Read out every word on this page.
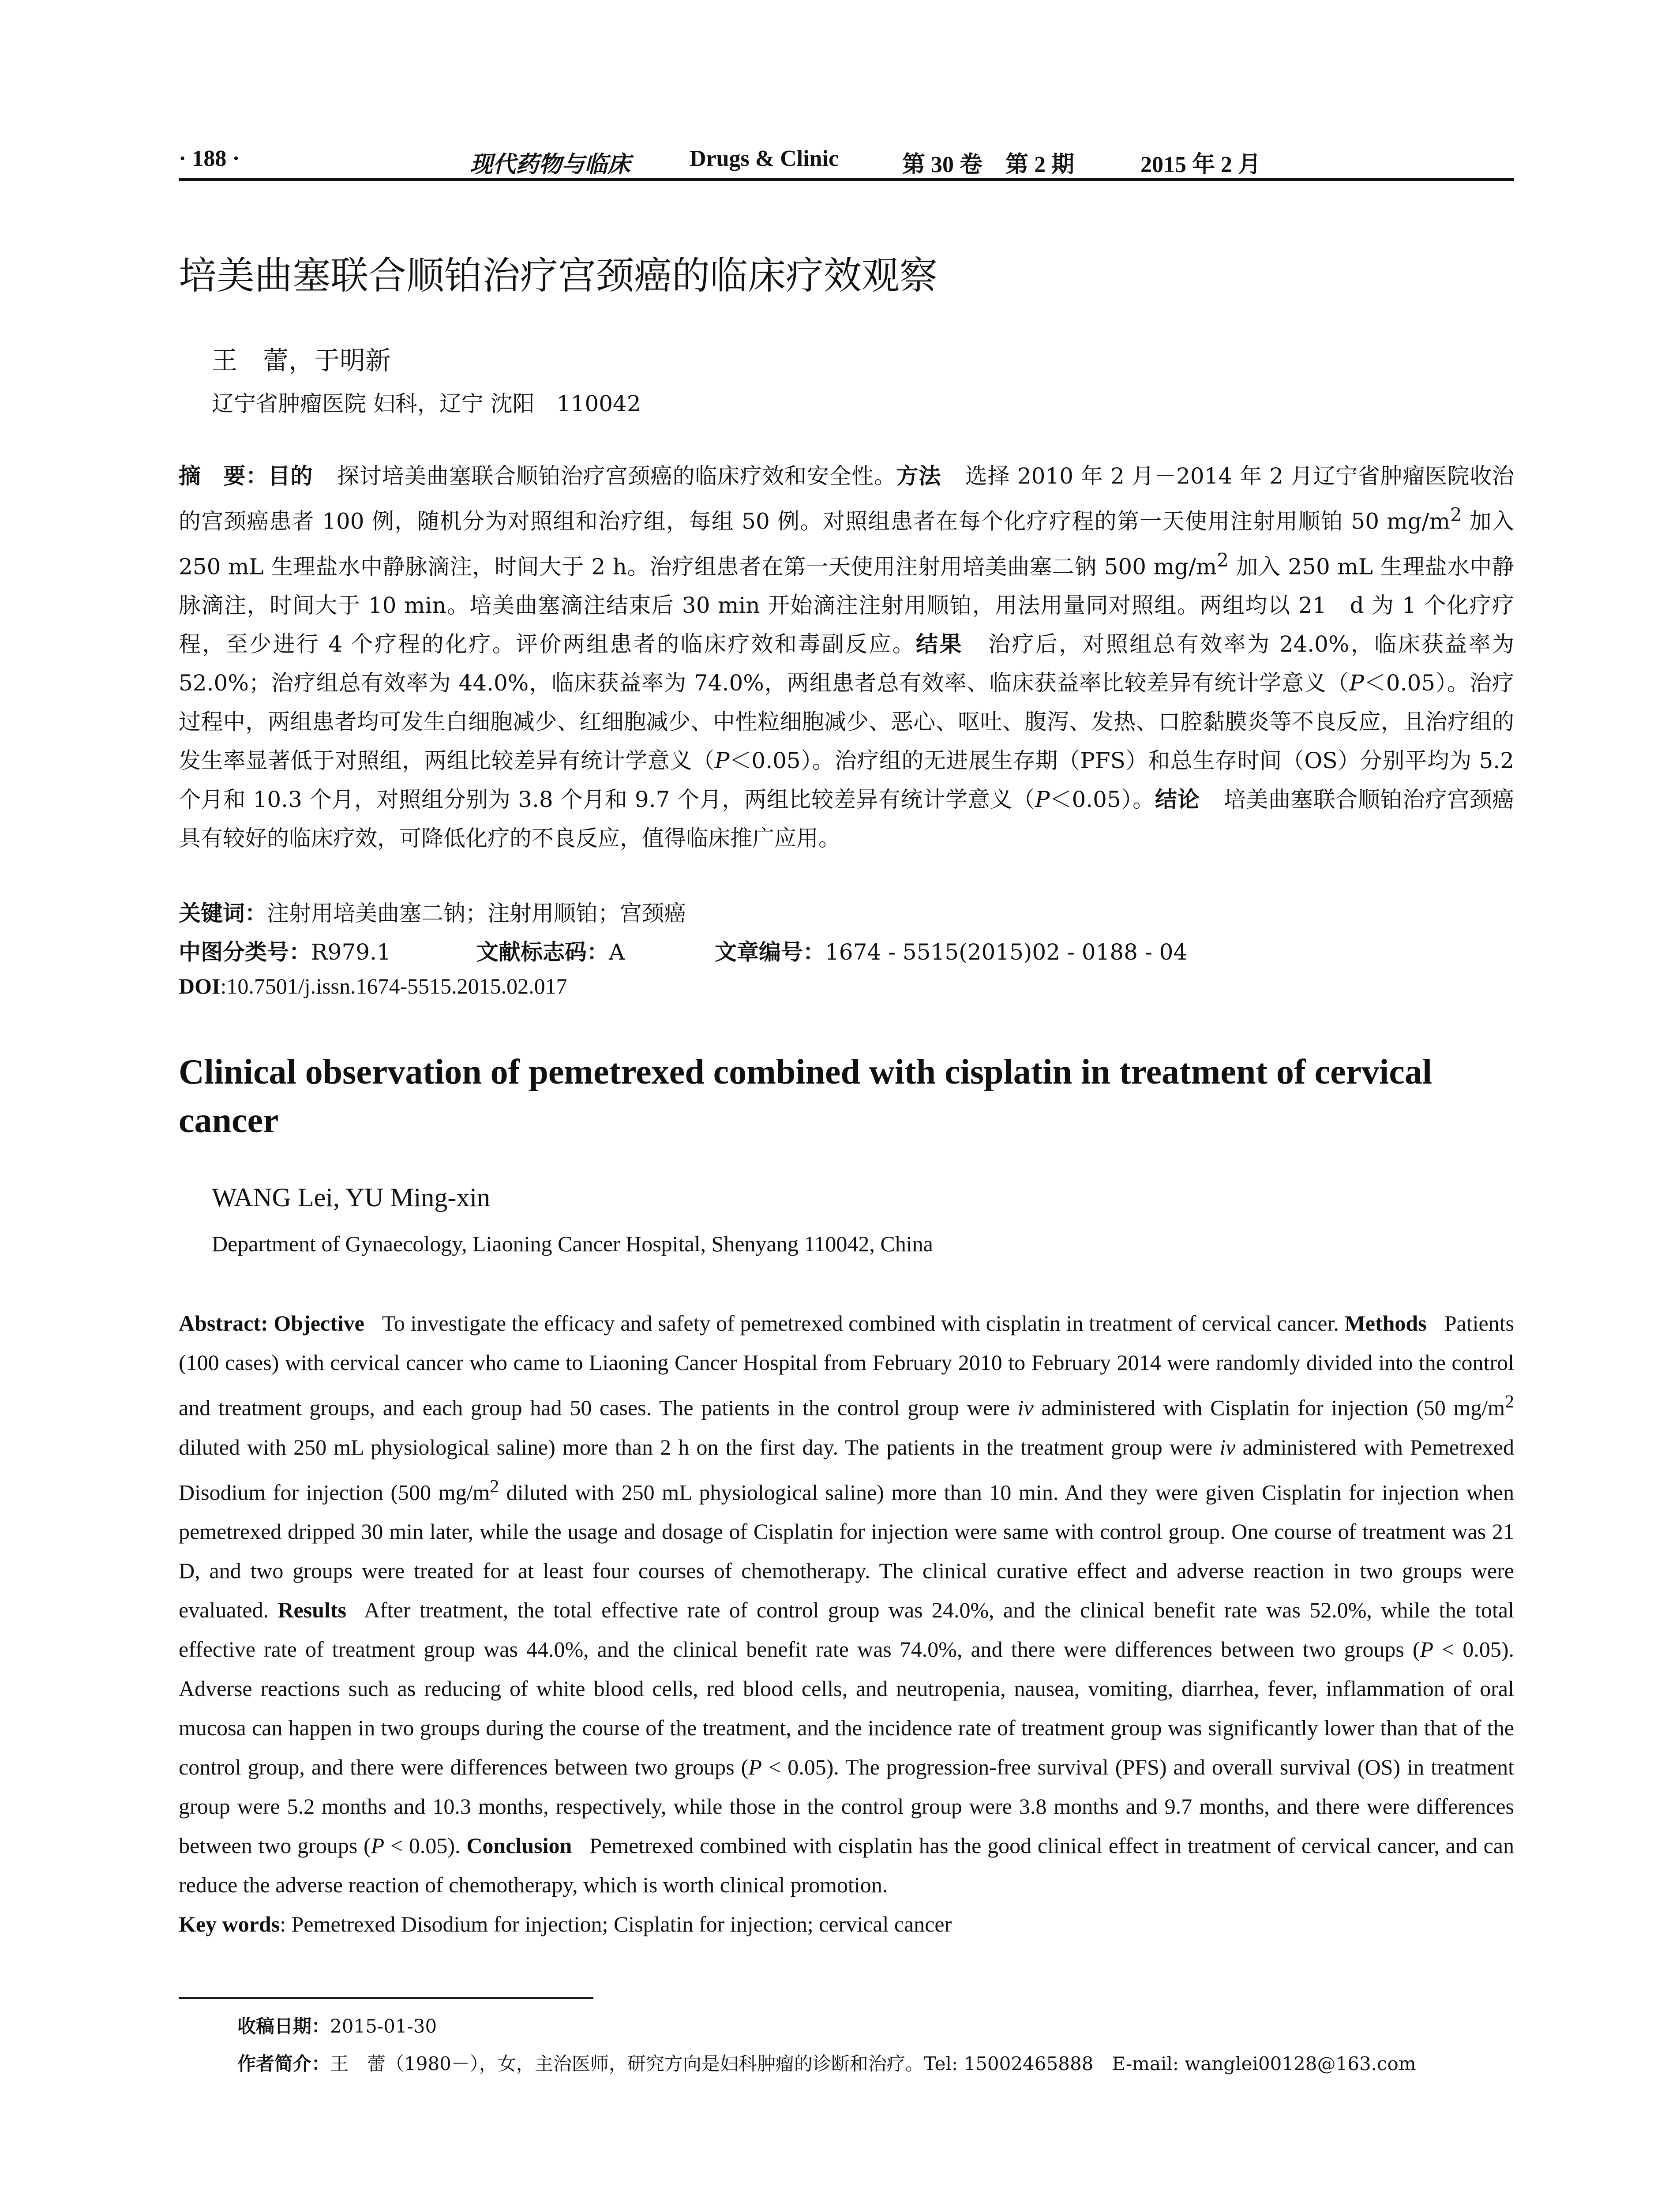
· 188 ·	现代药物与临床	Drugs & Clinic	第 30 卷　第 2 期	2015 年 2 月
培美曲塞联合顺铂治疗宫颈癌的临床疗效观察
王　蕾，于明新
辽宁省肿瘤医院 妇科，辽宁 沈阳　110042
摘　要：目的 探讨培美曲塞联合顺铂治疗宫颈癌的临床疗效和安全性。方法 选择 2010 年 2 月－2014 年 2 月辽宁省肿瘤医院收治的宫颈癌患者 100 例，随机分为对照组和治疗组，每组 50 例。对照组患者在每个化疗疗程的第一天使用注射用顺铂 50 $mg/m^2$ 加入 250 mL 生理盐水中静脉滴注，时间大于 2 h。治疗组患者在第一天使用注射用培美曲塞二钠 500 $mg/m^2$ 加入 250 mL 生理盐水中静脉滴注，时间大于 10 min。培美曲塞滴注结束后 30 min 开始滴注注射用顺铂，用法用量同对照组。两组均以 21　d 为 1 个化疗疗程，至少进行 4 个疗程的化疗。评价两组患者的临床疗效和毒副反应。结果 治疗后，对照组总有效率为 24.0%，临床获益率为 52.0%；治疗组总有效率为 44.0%，临床获益率为 74.0%，两组患者总有效率、临床获益率比较差异有统计学意义（P＜0.05）。治疗过程中，两组患者均可发生白细胞减少、红细胞减少、中性粒细胞减少、恶心、呕吐、腹泻、发热、口腔黏膜炎等不良反应，且治疗组的发生率显著低于对照组，两组比较差异有统计学意义（P＜0.05）。治疗组的无进展生存期（PFS）和总生存时间（OS）分别平均为 5.2 个月和 10.3 个月，对照组分别为 3.8 个月和 9.7 个月，两组比较差异有统计学意义（P＜0.05）。结论 培美曲塞联合顺铂治疗宫颈癌具有较好的临床疗效，可降低化疗的不良反应，值得临床推广应用。
关键词：注射用培美曲塞二钠；注射用顺铂；宫颈癌
中图分类号：R979.1	文献标志码：A	文章编号：1674 - 5515(2015)02 - 0188 - 04
DOI:10.7501/j.issn.1674-5515.2015.02.017
Clinical observation of pemetrexed combined with cisplatin in treatment of cervical cancer
WANG Lei, YU Ming-xin
Department of Gynaecology, Liaoning Cancer Hospital, Shenyang 110042, China
Abstract: Objective To investigate the efficacy and safety of pemetrexed combined with cisplatin in treatment of cervical cancer. Methods Patients (100 cases) with cervical cancer who came to Liaoning Cancer Hospital from February 2010 to February 2014 were randomly divided into the control and treatment groups, and each group had 50 cases. The patients in the control group were iv administered with Cisplatin for injection (50 $mg/m^2$ diluted with 250 mL physiological saline) more than 2 h on the first day. The patients in the treatment group were iv administered with Pemetrexed Disodium for injection (500 $mg/m^2$ diluted with 250 mL physiological saline) more than 10 min. And they were given Cisplatin for injection when pemetrexed dripped 30 min later, while the usage and dosage of Cisplatin for injection were same with control group. One course of treatment was 21 D, and two groups were treated for at least four courses of chemotherapy. The clinical curative effect and adverse reaction in two groups were evaluated. Results After treatment, the total effective rate of control group was 24.0%, and the clinical benefit rate was 52.0%, while the total effective rate of treatment group was 44.0%, and the clinical benefit rate was 74.0%, and there were differences between two groups (P < 0.05). Adverse reactions such as reducing of white blood cells, red blood cells, and neutropenia, nausea, vomiting, diarrhea, fever, inflammation of oral mucosa can happen in two groups during the course of the treatment, and the incidence rate of treatment group was significantly lower than that of the control group, and there were differences between two groups (P < 0.05). The progression-free survival (PFS) and overall survival (OS) in treatment group were 5.2 months and 10.3 months, respectively, while those in the control group were 3.8 months and 9.7 months, and there were differences between two groups (P < 0.05). Conclusion Pemetrexed combined with cisplatin has the good clinical effect in treatment of cervical cancer, and can reduce the adverse reaction of chemotherapy, which is worth clinical promotion.
Key words: Pemetrexed Disodium for injection; Cisplatin for injection; cervical cancer
收稿日期：2015-01-30
作者简介：王　蕾（1980－），女，主治医师，研究方向是妇科肿瘤的诊断和治疗。Tel: 15002465888　E-mail: wanglei00128@163.com
